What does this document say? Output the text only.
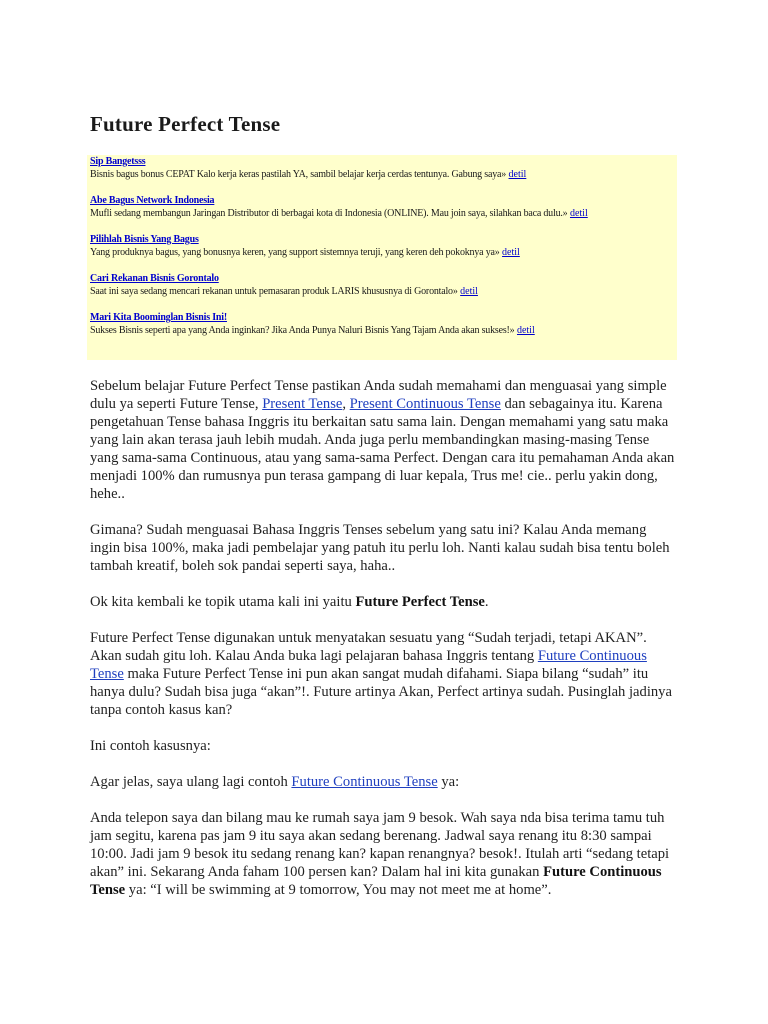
Future Perfect Tense
Sip Bangetsss
Bisnis bagus bonus CEPAT Kalo kerja keras pastilah YA, sambil belajar kerja cerdas tentunya. Gabung saya» detil
Abe Bagus Network Indonesia
Mufli sedang membangun Jaringan Distributor di berbagai kota di Indonesia (ONLINE). Mau join saya, silahkan baca dulu.» detil
Pilihlah Bisnis Yang Bagus
Yang produknya bagus, yang bonusnya keren, yang support sistemnya teruji, yang keren deh pokoknya ya» detil
Cari Rekanan Bisnis Gorontalo
Saat ini saya sedang mencari rekanan untuk pemasaran produk LARIS khususnya di Gorontalo» detil
Mari Kita Boominglan Bisnis Ini!
Sukses Bisnis seperti apa yang Anda inginkan? Jika Anda Punya Naluri Bisnis Yang Tajam Anda akan sukses!» detil

Sebelum belajar Future Perfect Tense pastikan Anda sudah memahami dan menguasai yang simple dulu ya seperti Future Tense, Present Tense, Present Continuous Tense dan sebagainya itu. Karena pengetahuan Tense bahasa Inggris itu berkaitan satu sama lain. Dengan memahami yang satu maka yang lain akan terasa jauh lebih mudah. Anda juga perlu membandingkan masing-masing Tense yang sama-sama Continuous, atau yang sama-sama Perfect. Dengan cara itu pemahaman Anda akan menjadi 100% dan rumusnya pun terasa gampang di luar kepala, Trus me! cie.. perlu yakin dong, hehe..

Gimana? Sudah menguasai Bahasa Inggris Tenses sebelum yang satu ini? Kalau Anda memang ingin bisa 100%, maka jadi pembelajar yang patuh itu perlu loh. Nanti kalau sudah bisa tentu boleh tambah kreatif, boleh sok pandai seperti saya, haha..

Ok kita kembali ke topik utama kali ini yaitu Future Perfect Tense.

Future Perfect Tense digunakan untuk menyatakan sesuatu yang “Sudah terjadi, tetapi AKAN”. Akan sudah gitu loh. Kalau Anda buka lagi pelajaran bahasa Inggris tentang Future Continuous Tense maka Future Perfect Tense ini pun akan sangat mudah difahami. Siapa bilang “sudah” itu hanya dulu? Sudah bisa juga “akan”!. Future artinya Akan, Perfect artinya sudah. Pusinglah jadinya tanpa contoh kasus kan?

Ini contoh kasusnya:

Agar jelas, saya ulang lagi contoh Future Continuous Tense ya:

Anda telepon saya dan bilang mau ke rumah saya jam 9 besok. Wah saya nda bisa terima tamu tuh jam segitu, karena pas jam 9 itu saya akan sedang berenang. Jadwal saya renang itu 8:30 sampai 10:00. Jadi jam 9 besok itu sedang renang kan? kapan renangnya? besok!. Itulah arti “sedang tetapi akan” ini. Sekarang Anda faham 100 persen kan? Dalam hal ini kita gunakan Future Continuous Tense ya: “I will be swimming at 9 tomorrow, You may not meet me at home”.
